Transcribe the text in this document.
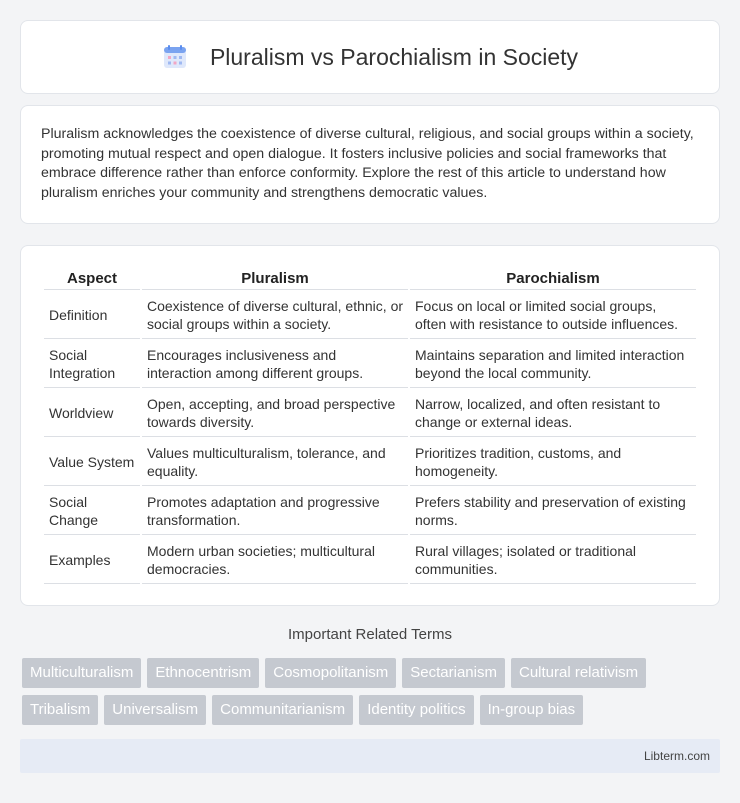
Pluralism vs Parochialism in Society

Pluralism acknowledges the coexistence of diverse cultural, religious, and social groups within a society, promoting mutual respect and open dialogue. It fosters inclusive policies and social frameworks that embrace difference rather than enforce conformity. Explore the rest of this article to understand how pluralism enriches your community and strengthens democratic values.

Aspect	Pluralism	Parochialism
Definition	Coexistence of diverse cultural, ethnic, or social groups within a society.	Focus on local or limited social groups, often with resistance to outside influences.
Social Integration	Encourages inclusiveness and interaction among different groups.	Maintains separation and limited interaction beyond the local community.
Worldview	Open, accepting, and broad perspective towards diversity.	Narrow, localized, and often resistant to change or external ideas.
Value System	Values multiculturalism, tolerance, and equality.	Prioritizes tradition, customs, and homogeneity.
Social Change	Promotes adaptation and progressive transformation.	Prefers stability and preservation of existing norms.
Examples	Modern urban societies; multicultural democracies.	Rural villages; isolated or traditional communities.
Important Related Terms
Multiculturalism	Ethnocentrism	Cosmopolitanism	Sectarianism	Cultural relativism
Tribalism	Universalism	Communitarianism	Identity politics	In-group bias
Libterm.com
